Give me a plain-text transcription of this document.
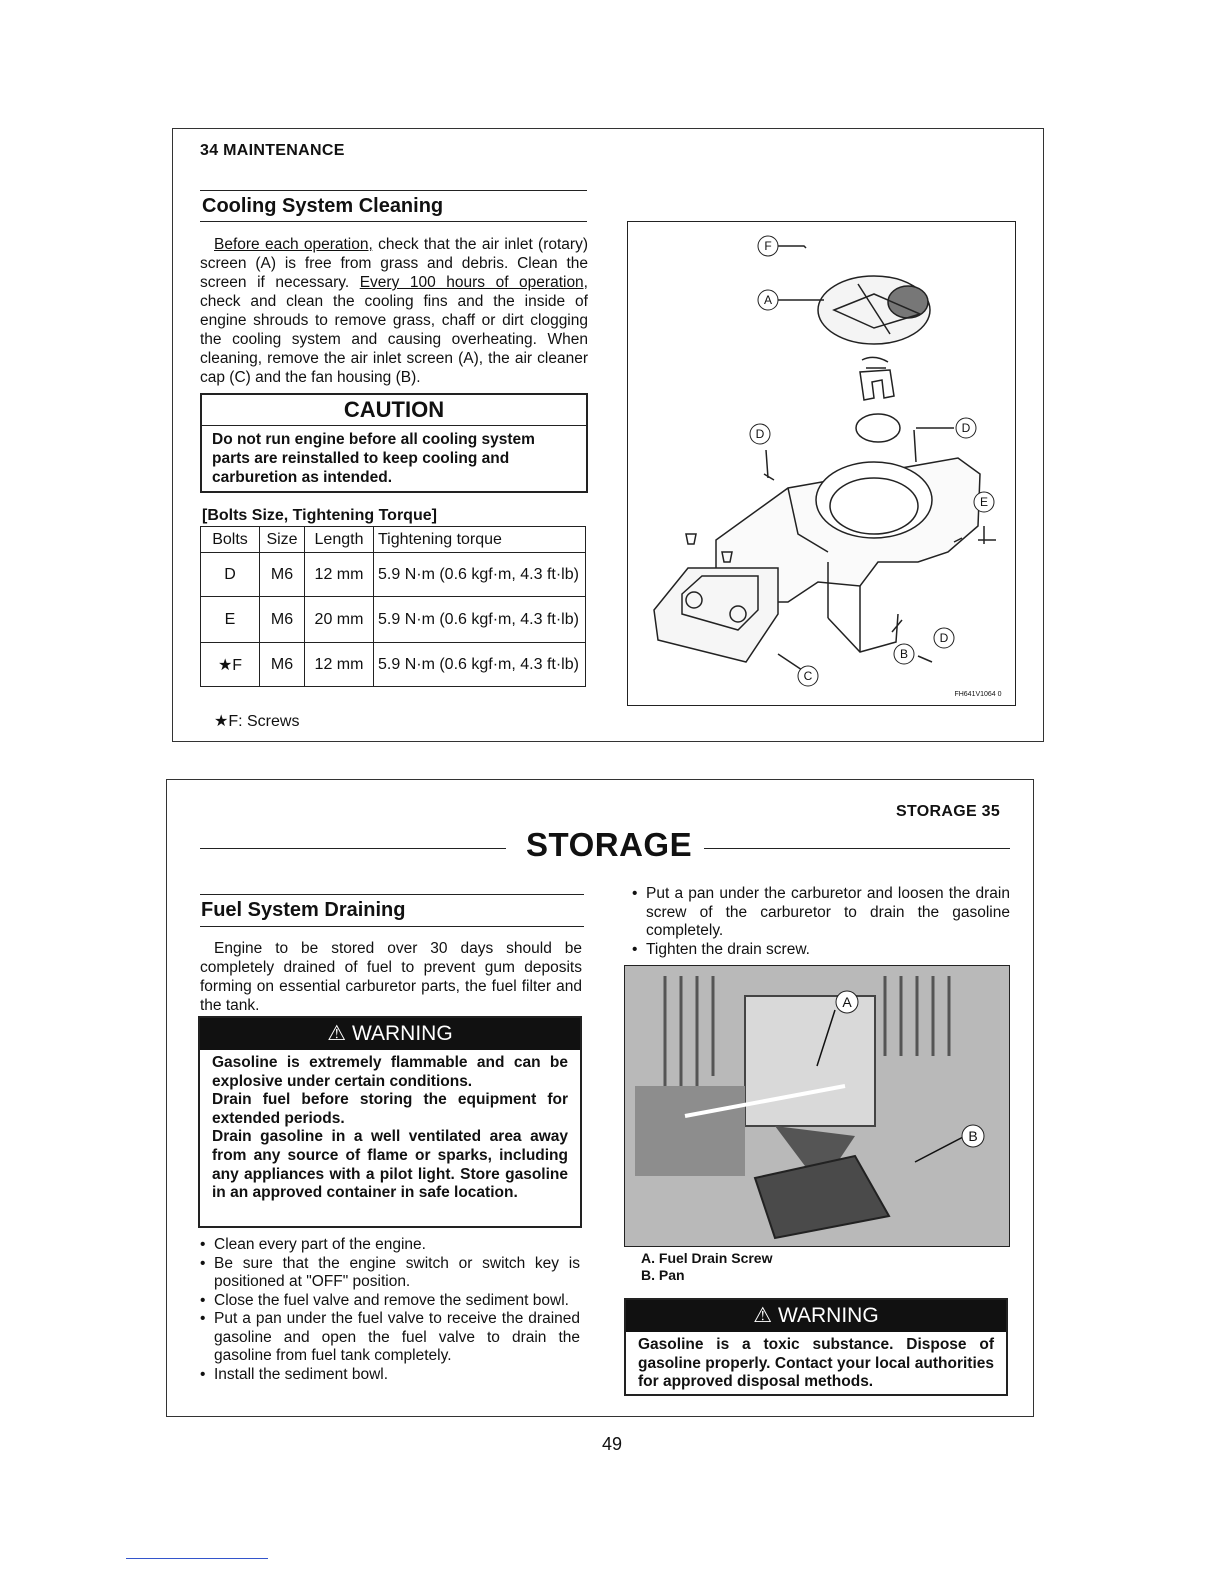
34 MAINTENANCE
Cooling System Cleaning
Before each operation, check that the air inlet (rotary) screen (A) is free from grass and debris. Clean the screen if necessary. Every 100 hours of operation, check and clean the cooling fins and the inside of engine shrouds to remove grass, chaff or dirt clogging the cooling system and causing overheating. When cleaning, remove the air inlet screen (A), the air cleaner cap (C) and the fan housing (B).
CAUTION
Do not run engine before all cooling system parts are reinstalled to keep cooling and carburetion as intended.
[Bolts Size, Tightening Torque]
Bolts	Size	Length	Tightening torque
D	M6	12 mm	5.9 N·m (0.6 kgf·m, 4.3 ft·lb)
E	M6	20 mm	5.9 N·m (0.6 kgf·m, 4.3 ft·lb)
★F	M6	12 mm	5.9 N·m (0.6 kgf·m, 4.3 ft·lb)
★F: Screws
F
A
D	D
E
B
D
C
FH641V1064 0
STORAGE 35
STORAGE
Fuel System Draining
Engine to be stored over 30 days should be completely drained of fuel to prevent gum deposits forming on essential carburetor parts, the fuel filter and the tank.
⚠ WARNING
Gasoline is extremely flammable and can be explosive under certain conditions.
Drain fuel before storing the equipment for extended periods.
Drain gasoline in a well ventilated area away from any source of flame or sparks, including any appliances with a pilot light. Store gasoline in an approved container in safe location.
• Clean every part of the engine.
• Be sure that the engine switch or switch key is positioned at "OFF" position.
• Close the fuel valve and remove the sediment bowl.
• Put a pan under the fuel valve to receive the drained gasoline and open the fuel valve to drain the gasoline from fuel tank completely.
• Install the sediment bowl.
• Put a pan under the carburetor and loosen the drain screw of the carburetor to drain the gasoline completely.
• Tighten the drain screw.
A
B
A. Fuel Drain Screw
B. Pan
⚠ WARNING
Gasoline is a toxic substance. Dispose of gasoline properly. Contact your local authorities for approved disposal methods.
49
